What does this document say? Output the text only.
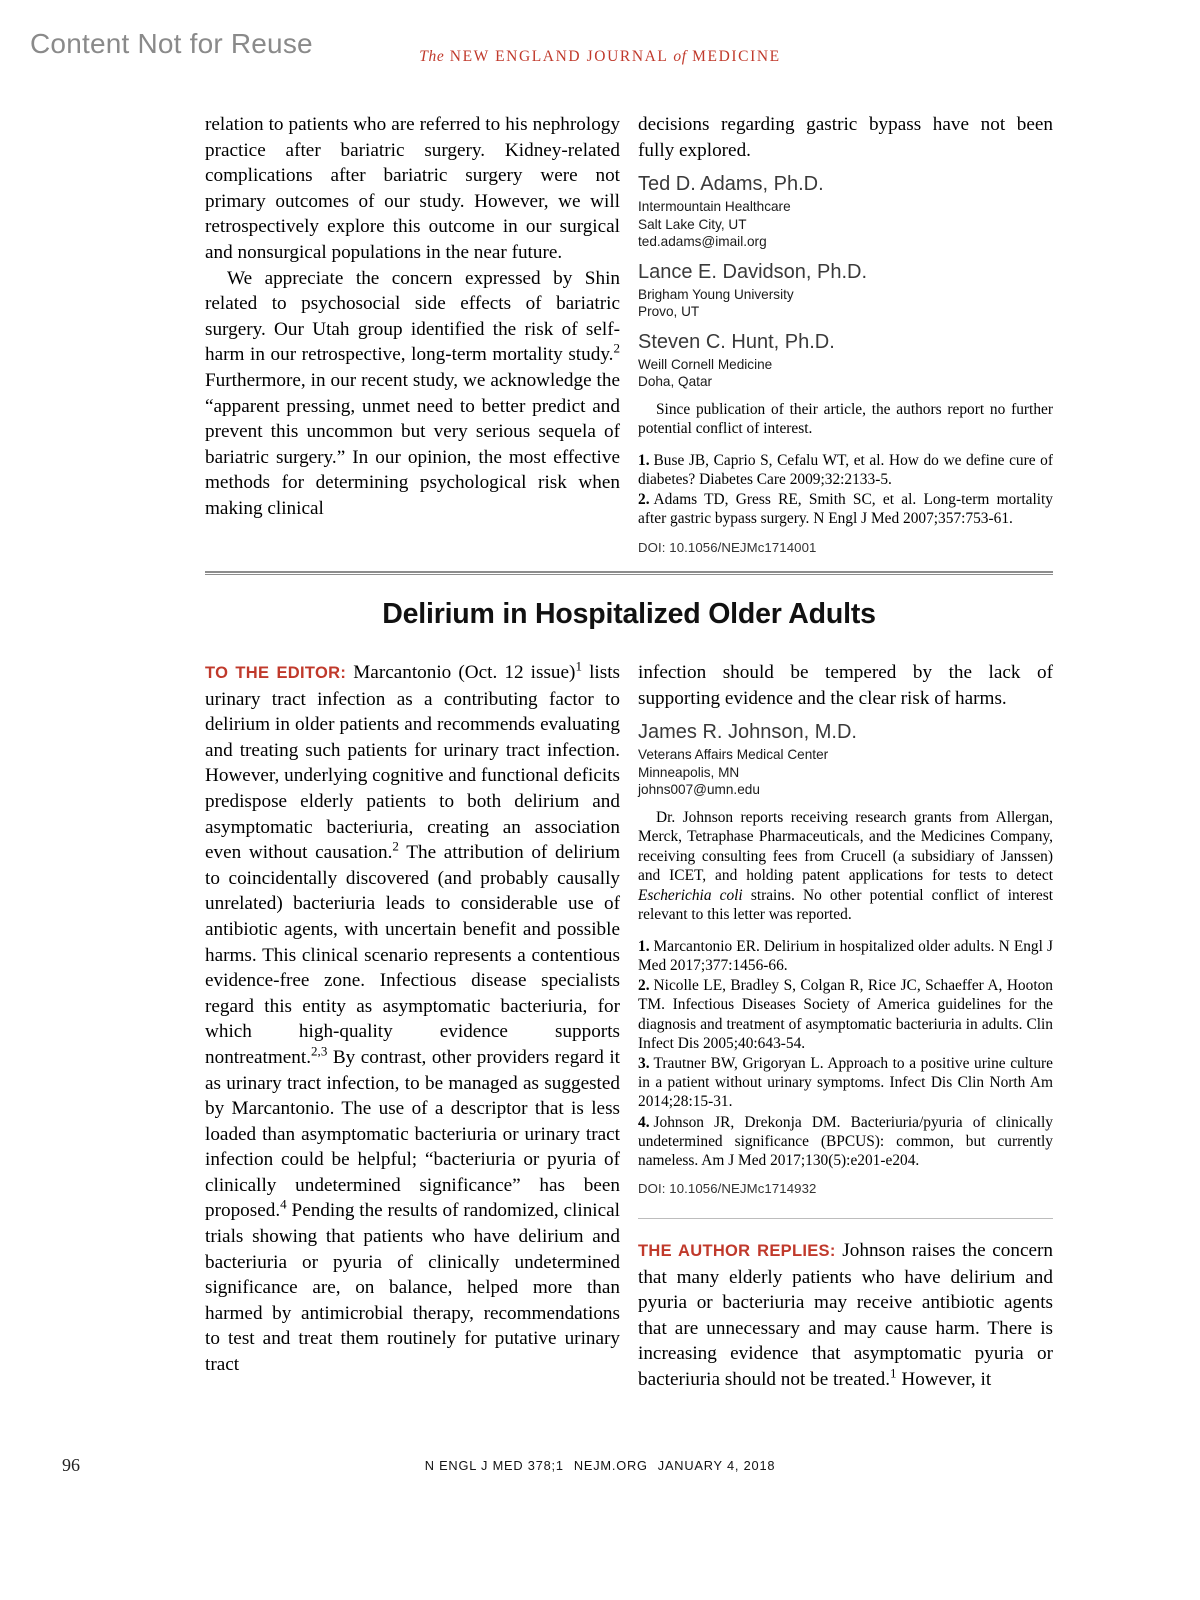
Content Not for Reuse	The NEW ENGLAND JOURNAL of MEDICINE

relation to patients who are referred to his nephrology practice after bariatric surgery. Kidney-related complications after bariatric surgery were not primary outcomes of our study. However, we will retrospectively explore this outcome in our surgical and nonsurgical populations in the near future.

We appreciate the concern expressed by Shin related to psychosocial side effects of bariatric surgery. Our Utah group identified the risk of self-harm in our retrospective, long-term mortality study.$^2$ Furthermore, in our recent study, we acknowledge the “apparent pressing, unmet need to better predict and prevent this uncommon but very serious sequela of bariatric surgery.” In our opinion, the most effective methods for determining psychological risk when making clinical

decisions regarding gastric bypass have not been fully explored.

Ted D. Adams, Ph.D.

Intermountain Healthcare

Salt Lake City, UT

ted.adams@imail.org

Lance E. Davidson, Ph.D.

Brigham Young University

Provo, UT

Steven C. Hunt, Ph.D.

Weill Cornell Medicine

Doha, Qatar

Since publication of their article, the authors report no further potential conflict of interest.

1. Buse JB, Caprio S, Cefalu WT, et al. How do we define cure of diabetes? Diabetes Care 2009;32:2133-5.

2. Adams TD, Gress RE, Smith SC, et al. Long-term mortality after gastric bypass surgery. N Engl J Med 2007;357:753-61.

DOI: 10.1056/NEJMc1714001
Delirium in Hospitalized Older Adults

TO THE EDITOR: Marcantonio (Oct. 12 issue)$^1$ lists urinary tract infection as a contributing factor to delirium in older patients and recommends evaluating and treating such patients for urinary tract infection. However, underlying cognitive and functional deficits predispose elderly patients to both delirium and asymptomatic bacteriuria, creating an association even without causation.$^2$ The attribution of delirium to coincidentally discovered (and probably causally unrelated) bacteriuria leads to considerable use of antibiotic agents, with uncertain benefit and possible harms. This clinical scenario represents a contentious evidence-free zone. Infectious disease specialists regard this entity as asymptomatic bacteriuria, for which high-quality evidence supports nontreatment.$^{2,3}$ By contrast, other providers regard it as urinary tract infection, to be managed as suggested by Marcantonio. The use of a descriptor that is less loaded than asymptomatic bacteriuria or urinary tract infection could be helpful; “bacteriuria or pyuria of clinically undetermined significance” has been proposed.$^4$ Pending the results of randomized, clinical trials showing that patients who have delirium and bacteriuria or pyuria of clinically undetermined significance are, on balance, helped more than harmed by antimicrobial therapy, recommendations to test and treat them routinely for putative urinary tract

infection should be tempered by the lack of supporting evidence and the clear risk of harms.

James R. Johnson, M.D.

Veterans Affairs Medical Center

Minneapolis, MN

johns007@umn.edu

Dr. Johnson reports receiving research grants from Allergan, Merck, Tetraphase Pharmaceuticals, and the Medicines Company, receiving consulting fees from Crucell (a subsidiary of Janssen) and ICET, and holding patent applications for tests to detect Escherichia coli strains. No other potential conflict of interest relevant to this letter was reported.

1. Marcantonio ER. Delirium in hospitalized older adults. N Engl J Med 2017;377:1456-66.

2. Nicolle LE, Bradley S, Colgan R, Rice JC, Schaeffer A, Hooton TM. Infectious Diseases Society of America guidelines for the diagnosis and treatment of asymptomatic bacteriuria in adults. Clin Infect Dis 2005;40:643-54.

3. Trautner BW, Grigoryan L. Approach to a positive urine culture in a patient without urinary symptoms. Infect Dis Clin North Am 2014;28:15-31.

4. Johnson JR, Drekonja DM. Bacteriuria/pyuria of clinically undetermined significance (BPCUS): common, but currently nameless. Am J Med 2017;130(5):e201-e204.

DOI: 10.1056/NEJMc1714932

THE AUTHOR REPLIES: Johnson raises the concern that many elderly patients who have delirium and pyuria or bacteriuria may receive antibiotic agents that are unnecessary and may cause harm. There is increasing evidence that asymptomatic pyuria or bacteriuria should not be treated.$^1$ However, it

96	N ENGL J MED 378;1 NEJM.ORG JANUARY 4, 2018
